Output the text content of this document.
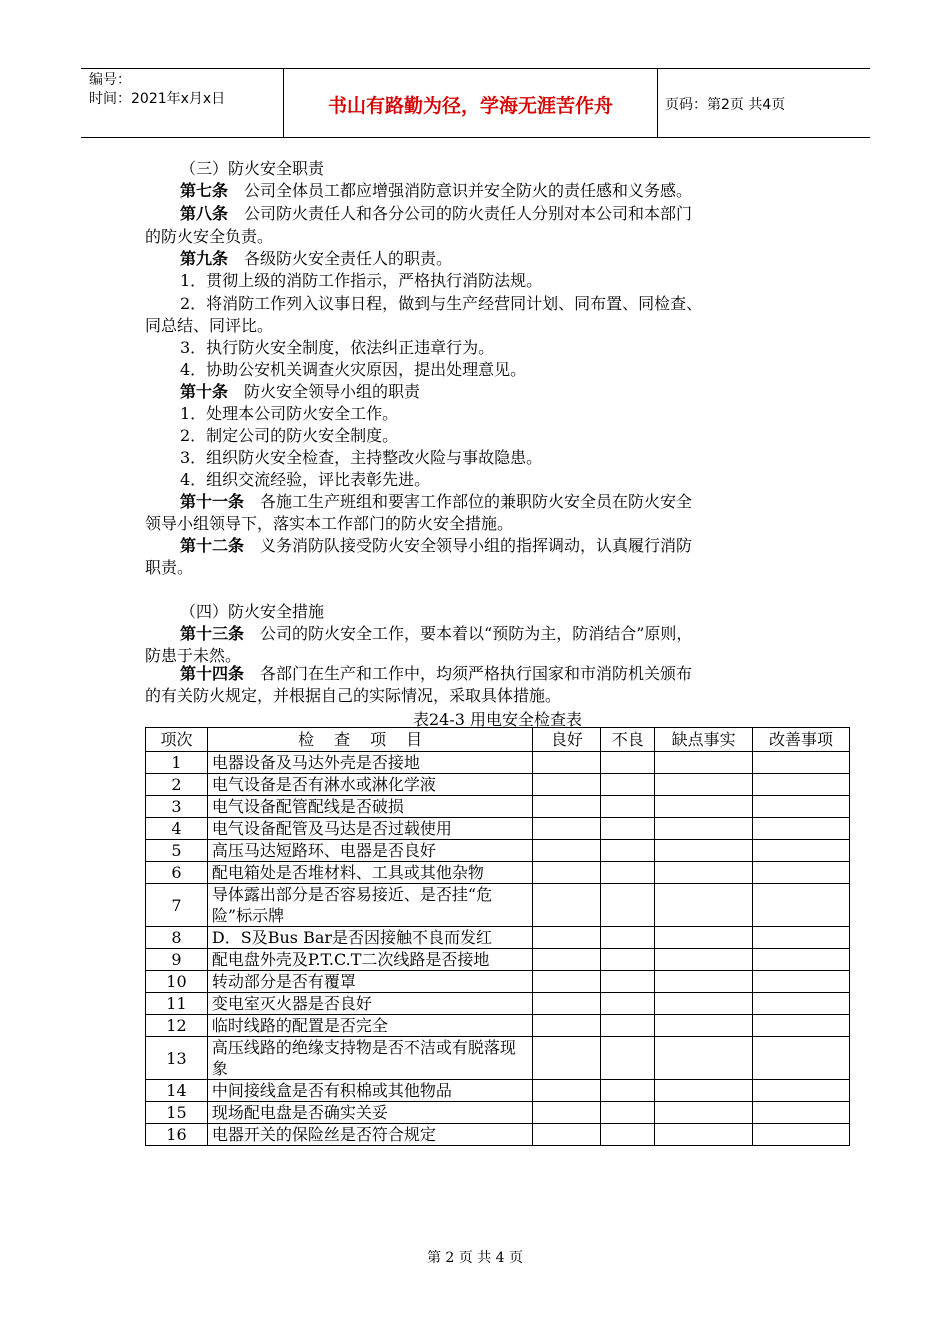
编号：
时间：2021年x月x日	书山有路勤为径，学海无涯苦作舟	页码：第2页 共4页
（三）防火安全职责
第七条　 公司全体员工都应增强消防意识并安全防火的责任感和义务感。
第八条　 公司防火责任人和各分公司的防火责任人分别对本公司和本部门
的防火安全负责。
第九条　 各级防火安全责任人的职责。
1．贯彻上级的消防工作指示，严格执行消防法规。
2．将消防工作列入议事日程，做到与生产经营同计划、同布置、同检查、
同总结、同评比。
3．执行防火安全制度，依法纠正违章行为。
4．协助公安机关调查火灾原因，提出处理意见。
第十条　 防火安全领导小组的职责
1．处理本公司防火安全工作。
2．制定公司的防火安全制度。
3．组织防火安全检查，主持整改火险与事故隐患。
4．组织交流经验，评比表彰先进。
第十一条　 各施工生产班组和要害工作部位的兼职防火安全员在防火安全
领导小组领导下，落实本工作部门的防火安全措施。
第十二条　 义务消防队接受防火安全领导小组的指挥调动，认真履行消防
职责。
（四）防火安全措施
第十三条　 公司的防火安全工作，要本着以“预防为主，防消结合”原则，
防患于未然。
第十四条　 各部门在生产和工作中，均须严格执行国家和市消防机关颁布
的有关防火规定，并根据自己的实际情况，采取具体措施。
表24-3 用电安全检查表
项次	检查项目	良好	不良	缺点事实	改善事项
1	电器设备及马达外壳是否接地				
2	电气设备是否有淋水或淋化学液				
3	电气设备配管配线是否破损				
4	电气设备配管及马达是否过载使用				
5	高压马达短路环、电器是否良好				
6	配电箱处是否堆材料、工具或其他杂物				
7	导体露出部分是否容易接近、是否挂“危险”标示牌				
8	D．S及Bus Bar是否因接触不良而发红				
9	配电盘外壳及P.T.C.T二次线路是否接地				
10	转动部分是否有覆罩				
11	变电室灭火器是否良好				
12	临时线路的配置是否完全				
13	高压线路的绝缘支持物是否不洁或有脱落现象				
14	中间接线盒是否有积棉或其他物品				
15	现场配电盘是否确实关妥				
16	电器开关的保险丝是否符合规定				
第 2 页 共 4 页
